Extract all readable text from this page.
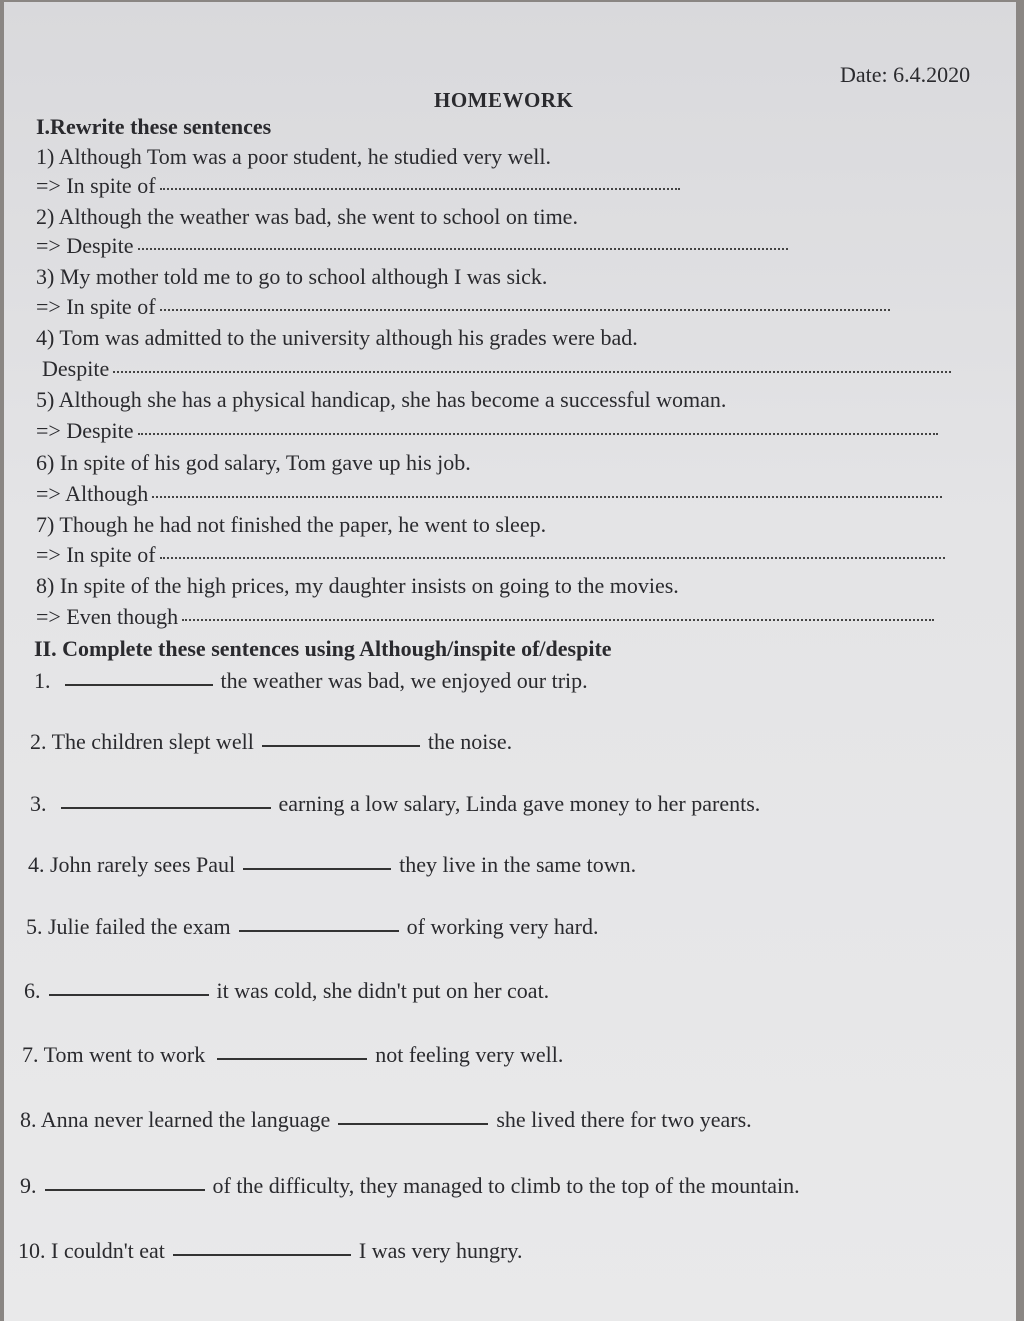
Date: 6.4.2020
HOMEWORK
I.Rewrite these sentences
1) Although Tom was a poor student, he studied very well.
=> In spite of
2) Although the weather was bad, she went to school on time.
=> Despite
3) My mother told me to go to school although I was sick.
=> In spite of
4) Tom was admitted to the university although his grades were bad.
Despite
5) Although she has a physical handicap, she has become a successful woman.
=> Despite
6) In spite of his god salary, Tom gave up his job.
=> Although
7) Though he had not finished the paper, he went to sleep.
=> In spite of
8) In spite of the high prices, my daughter insists on going to the movies.
=> Even though
II. Complete these sentences using Although/inspite of/despite
1.	the weather was bad, we enjoyed our trip.
2. The children slept well	the noise.
3.	earning a low salary, Linda gave money to her parents.
4. John rarely sees Paul	they live in the same town.
5. Julie failed the exam	of working very hard.
6.	it was cold, she didn't put on her coat.
7. Tom went to work	not feeling very well.
8. Anna never learned the language	she lived there for two years.
9.	of the difficulty, they managed to climb to the top of the mountain.
10. I couldn't eat	I was very hungry.
